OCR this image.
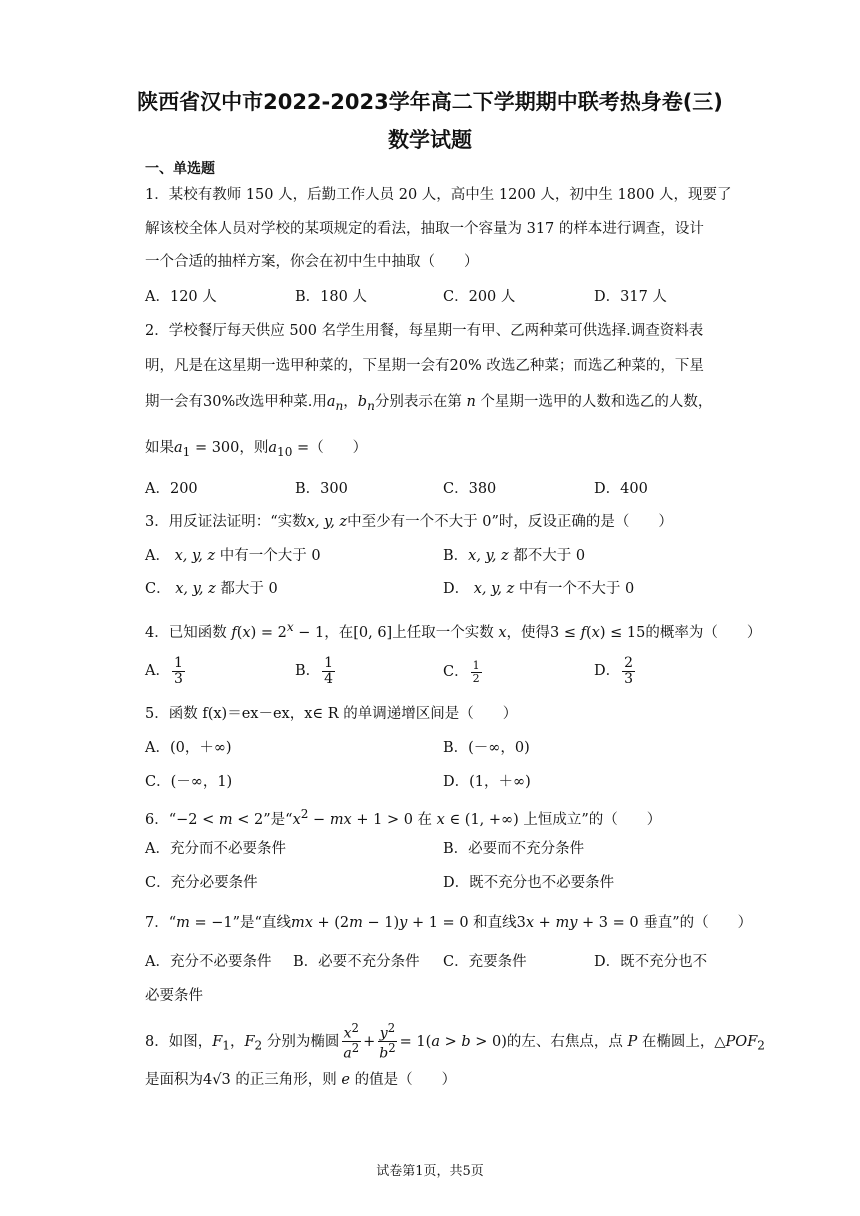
陕西省汉中市2022-2023学年高二下学期期中联考热身卷(三)
数学试题
一、单选题
1．某校有教师 150 人，后勤工作人员 20 人，高中生 1200 人，初中生 1800 人，现要了
解该校全体人员对学校的某项规定的看法，抽取一个容量为 317 的样本进行调查，设计
一个合适的抽样方案，你会在初中生中抽取（　　）
A．120 人	B．180 人	C．200 人	D．317 人
2．学校餐厅每天供应 500 名学生用餐，每星期一有甲、乙两种菜可供选择.调查资料表
明，凡是在这星期一选甲种菜的，下星期一会有20% 改选乙种菜；而选乙种菜的，下星
期一会有30%改选甲种菜.用$a_n$，$b_n$分别表示在第 n 个星期一选甲的人数和选乙的人数，
如果$a_1 = 300$，则$a_{10}$ =（　　）
A．200	B．300	C．380	D．400
3．用反证法证明：“实数x, y, z中至少有一个不大于 0”时，反设正确的是（　　）
A． x, y, z 中有一个大于 0	B．x, y, z 都不大于 0
C． x, y, z 都大于 0	D． x, y, z 中有一个不大于 0
4．已知函数 $f(x) = 2^x - 1$，在[0, 6]上任取一个实数 x，使得3 ≤ f(x) ≤ 15的概率为（　　）
A． $\frac{1}{3}$	B． $\frac{1}{4}$	C． $\frac{1}{2}$	D． $\frac{2}{3}$
5．函数 f(x)＝ex－ex，x∈ R 的单调递增区间是（　　）
A．(0，＋∞)	B．(－∞，0)
C．(－∞，1)	D．(1，＋∞)
6．“−2 < m < 2”是“$x^2$ − mx + 1 > 0 在 x ∈ (1, +∞) 上恒成立”的（　　）
A．充分而不必要条件	B．必要而不充分条件
C．充分必要条件	D．既不充分也不必要条件
7．“m = −1”是“直线mx + (2m − 1)y + 1 = 0 和直线3x + my + 3 = 0 垂直”的（　　）
A．充分不必要条件 B．必要不充分条件 C．充要条件	D．既不充分也不
必要条件
8．如图，$F_1$，$F_2$ 分别为椭圆 $\frac{x^2}{a^2} + \frac{y^2}{b^2} = 1(a > b > 0)$的左、右焦点，点 P 在椭圆上，$\triangle POF_2$
是面积为4√3 的正三角形，则 e 的值是（　　）
试卷第1页，共5页
